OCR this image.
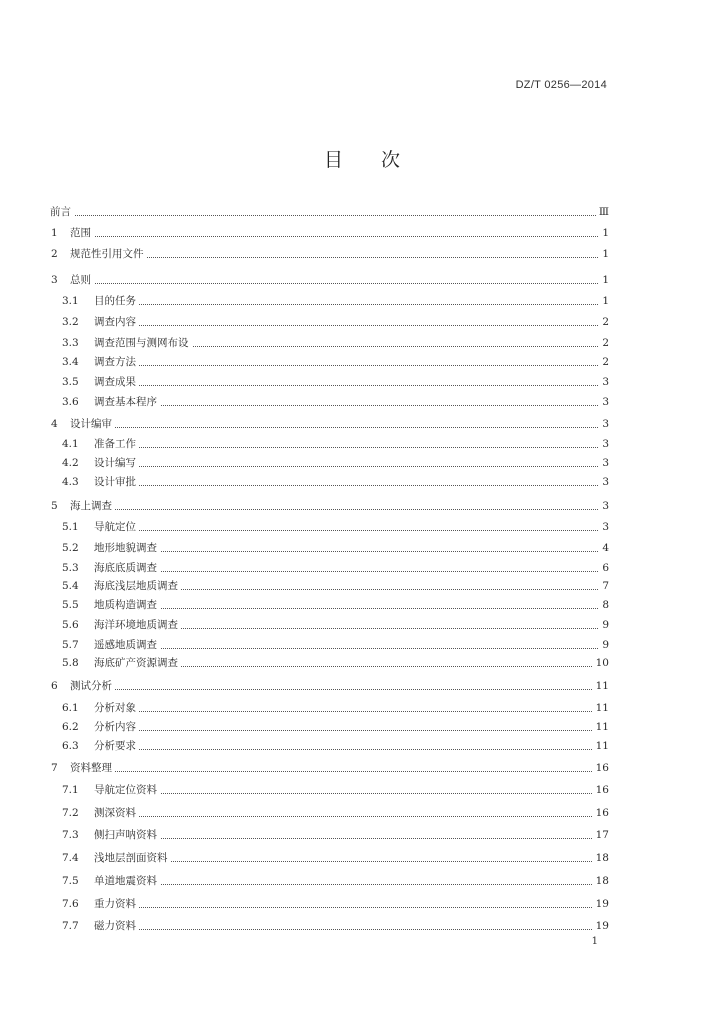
DZ/T 0256—2014
目次
前言	Ⅲ
1 范围	1
2 规范性引用文件	1
3 总则	1
3.1 目的任务	1
3.2 调查内容	2
3.3 调查范围与测网布设	2
3.4 调查方法	2
3.5 调查成果	3
3.6 调查基本程序	3
4 设计编审	3
4.1 准备工作	3
4.2 设计编写	3
4.3 设计审批	3
5 海上调查	3
5.1 导航定位	3
5.2 地形地貌调查	4
5.3 海底底质调查	6
5.4 海底浅层地质调查	7
5.5 地质构造调查	8
5.6 海洋环境地质调查	9
5.7 遥感地质调查	9
5.8 海底矿产资源调查	10
6 测试分析	11
6.1 分析对象	11
6.2 分析内容	11
6.3 分析要求	11
7 资料整理	16
7.1 导航定位资料	16
7.2 测深资料	16
7.3 侧扫声呐资料	17
7.4 浅地层剖面资料	18
7.5 单道地震资料	18
7.6 重力资料	19
7.7 磁力资料	19
1
